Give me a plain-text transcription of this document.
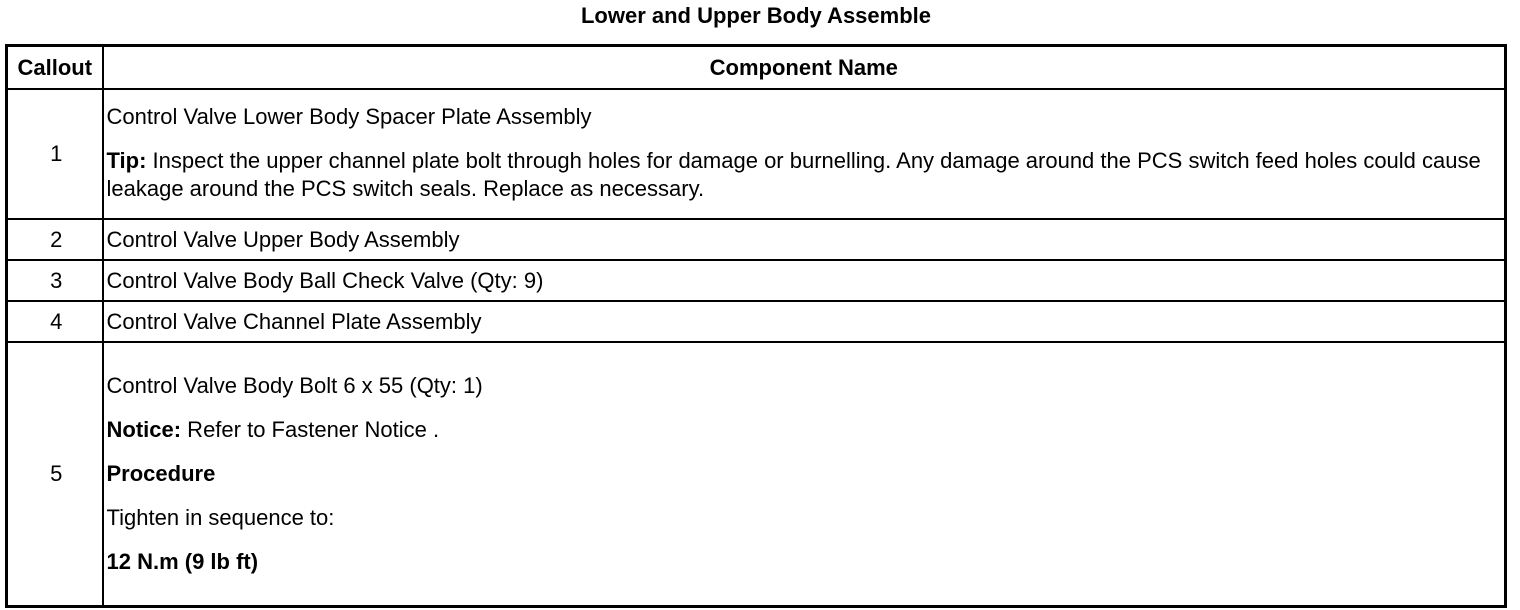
Lower and Upper Body Assemble
Callout	Component Name
1	Control Valve Lower Body Spacer Plate Assembly

Tip: Inspect the upper channel plate bolt through holes for damage or burnelling. Any damage around the PCS switch feed holes could cause leakage around the PCS switch seals. Replace as necessary.

2	Control Valve Upper Body Assembly

3	Control Valve Body Ball Check Valve (Qty: 9)

4	Control Valve Channel Plate Assembly

5	Control Valve Body Bolt 6 x 55 (Qty: 1)

Notice: Refer to Fastener Notice .

Procedure

Tighten in sequence to:

12 N.m (9 lb ft)
